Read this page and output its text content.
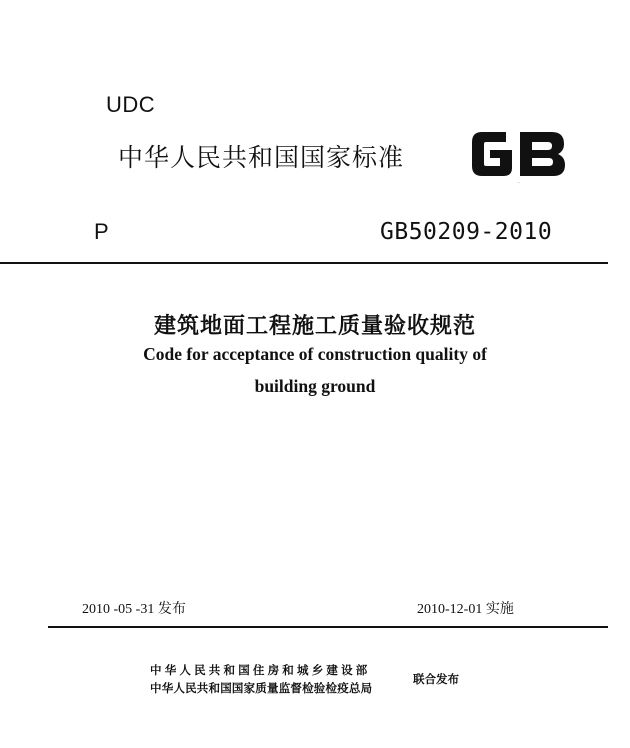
UDC
中华人民共和国国家标准
GB
P	GB50209-2010
建筑地面工程施工质量验收规范
Code for acceptance of construction quality of
building ground
2010 -05 -31 发布	2010-12-01 实施
中华人民共和国住房和城乡建设部
中华人民共和国国家质量监督检验检疫总局
联合发布
